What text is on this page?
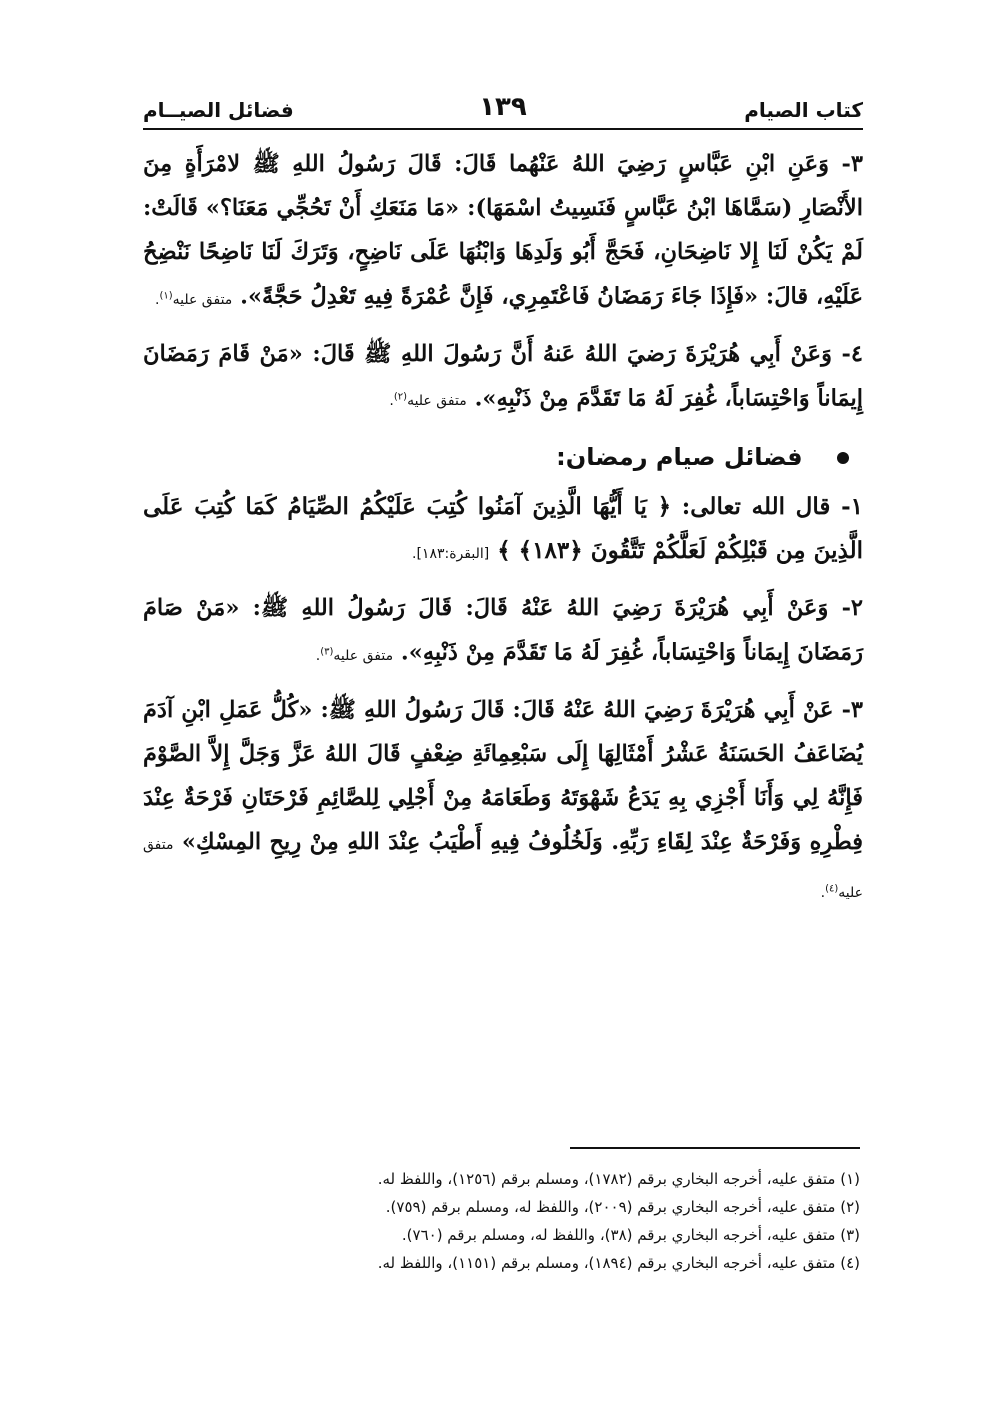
كتاب الصيام
١٣٩
فضائل الصيــام

٣- وَعَنِ ابْنِ عَبَّاسٍ رَضِيَ اللهُ عَنْهُما قَالَ: قَالَ رَسُولُ اللهِ ﷺ لامْرَأَةٍ مِنَ الأَنْصَارِ (سَمَّاهَا ابْنُ عَبَّاسٍ فَنَسِيتُ اسْمَهَا): «مَا مَنَعَكِ أَنْ تَحُجِّي مَعَنَا؟» قَالَتْ: لَمْ يَكُنْ لَنَا إِلا نَاضِحَانِ، فَحَجَّ أَبُو وَلَدِهَا وَابْنُهَا عَلَى نَاضِحٍ، وَتَرَكَ لَنَا نَاضِحًا نَنْضِحُ عَلَيْهِ، قالَ: «فَإِذَا جَاءَ رَمَضَانُ فَاعْتَمِرِي، فَإِنَّ عُمْرَةً فِيهِ تَعْدِلُ حَجَّةً». متفق عليه$^{(١)}$.

٤- وَعَنْ أَبِي هُرَيْرَةَ رَضيَ اللهُ عَنهُ أَنَّ رَسُولَ اللهِ ﷺ قَالَ: «مَنْ قَامَ رَمَضَانَ إِيمَاناً وَاحْتِسَاباً، غُفِرَ لَهُ مَا تَقَدَّمَ مِنْ ذَنْبِهِ». متفق عليه$^{(٢)}$.

فضائل صيام رمضان:

١- قال الله تعالى: ﴿ يَا أَيُّهَا الَّذِينَ آمَنُوا كُتِبَ عَلَيْكُمُ الصِّيَامُ كَمَا كُتِبَ عَلَى الَّذِينَ مِن قَبْلِكُمْ لَعَلَّكُمْ تَتَّقُونَ ﴿١٨٣﴾ ﴾ [البقرة:١٨٣].

٢- وَعَنْ أَبِي هُرَيْرَةَ رَضِيَ اللهُ عَنْهُ قَالَ: قَالَ رَسُولُ اللهِ ﷺ: «مَنْ صَامَ رَمَضَانَ إِيمَاناً وَاحْتِسَاباً، غُفِرَ لَهُ مَا تَقَدَّمَ مِنْ ذَنْبِهِ». متفق عليه$^{(٣)}$.

٣- عَنْ أَبِي هُرَيْرَةَ رَضِيَ اللهُ عَنْهُ قَالَ: قَالَ رَسُولُ اللهِ ﷺ: «كُلُّ عَمَلِ ابْنِ آدَمَ يُضَاعَفُ الحَسَنَةُ عَشْرُ أَمْثَالِهَا إِلَى سَبْعِمِائَةِ ضِعْفٍ قَالَ اللهُ عَزَّ وَجَلَّ إِلاَّ الصَّوْمَ فَإِنَّهُ لِي وَأَنَا أَجْزِي بِهِ يَدَعُ شَهْوَتَهُ وَطَعَامَهُ مِنْ أَجْلِي لِلصَّائِمِ فَرْحَتَانِ فَرْحَةٌ عِنْدَ فِطْرِهِ وَفَرْحَةٌ عِنْدَ لِقَاءِ رَبِّهِ. وَلَخُلُوفُ فِيهِ أَطْيَبُ عِنْدَ اللهِ مِنْ رِيحِ المِسْكِ» متفق عليه$^{(٤)}$.

(١) متفق عليه، أخرجه البخاري برقم (١٧٨٢)، ومسلم برقم (١٢٥٦)، واللفظ له.

(٢) متفق عليه، أخرجه البخاري برقم (٢٠٠٩)، واللفظ له، ومسلم برقم (٧٥٩).

(٣) متفق عليه، أخرجه البخاري برقم (٣٨)، واللفظ له، ومسلم برقم (٧٦٠).

(٤) متفق عليه، أخرجه البخاري برقم (١٨٩٤)، ومسلم برقم (١١٥١)، واللفظ له.
